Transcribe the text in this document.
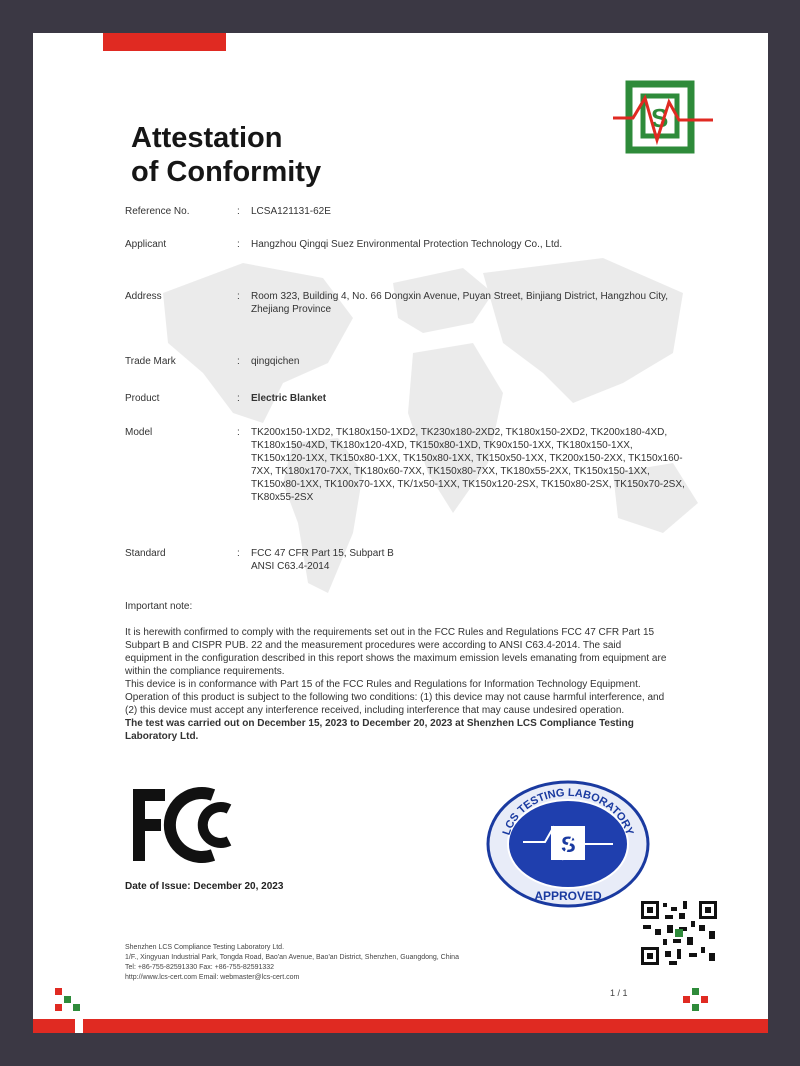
Attestation
of Conformity
S
Reference No.	: LCSA121131-62E
Applicant	: Hangzhou Qingqi Suez Environmental Protection Technology Co., Ltd.
Address	: Room 323, Building 4, No. 66 Dongxin Avenue, Puyan Street, Binjiang District, Hangzhou City, Zhejiang Province
Trade Mark	: qingqichen
Product	: Electric Blanket
Model	: TK200x150-1XD2, TK180x150-1XD2, TK230x180-2XD2, TK180x150-2XD2, TK200x180-4XD, TK180x150-4XD, TK180x120-4XD, TK150x80-1XD, TK90x150-1XX, TK180x150-1XX, TK150x120-1XX, TK150x80-1XX, TK150x80-1XX, TK150x50-1XX, TK200x150-2XX, TK150x160-7XX, TK180x170-7XX, TK180x60-7XX, TK150x80-7XX, TK180x55-2XX, TK150x150-1XX, TK150x80-1XX, TK100x70-1XX, TK/1x50-1XX, TK150x120-2SX, TK150x80-2SX, TK150x70-2SX, TK80x55-2SX
Standard	: FCC 47 CFR Part 15, Subpart B
ANSI C63.4-2014
Important note:

It is herewith confirmed to comply with the requirements set out in the FCC Rules and Regulations FCC 47 CFR Part 15 Subpart B and CISPR PUB. 22 and the measurement procedures were according to ANSI C63.4-2014. The said equipment in the configuration described in this report shows the maximum emission levels emanating from equipment are within the compliance requirements.

This device is in conformance with Part 15 of the FCC Rules and Regulations for Information Technology Equipment. Operation of this product is subject to the following two conditions: (1) this device may not cause harmful interference, and (2) this device must accept any interference received, including interference that may cause undesired operation.

The test was carried out on December 15, 2023 to December 20, 2023 at Shenzhen LCS Compliance Testing Laboratory Ltd.

Date of Issue: December 20, 2023
LCS TESTING LABORATORY
S
APPROVED
Shenzhen LCS Compliance Testing Laboratory Ltd.
1/F., Xingyuan Industrial Park, Tongda Road, Bao'an Avenue, Bao'an District, Shenzhen, Guangdong, China
Tel: +86-755-82591330 Fax: +86-755-82591332
http://www.lcs-cert.com Email: webmaster@lcs-cert.com
1 / 1
